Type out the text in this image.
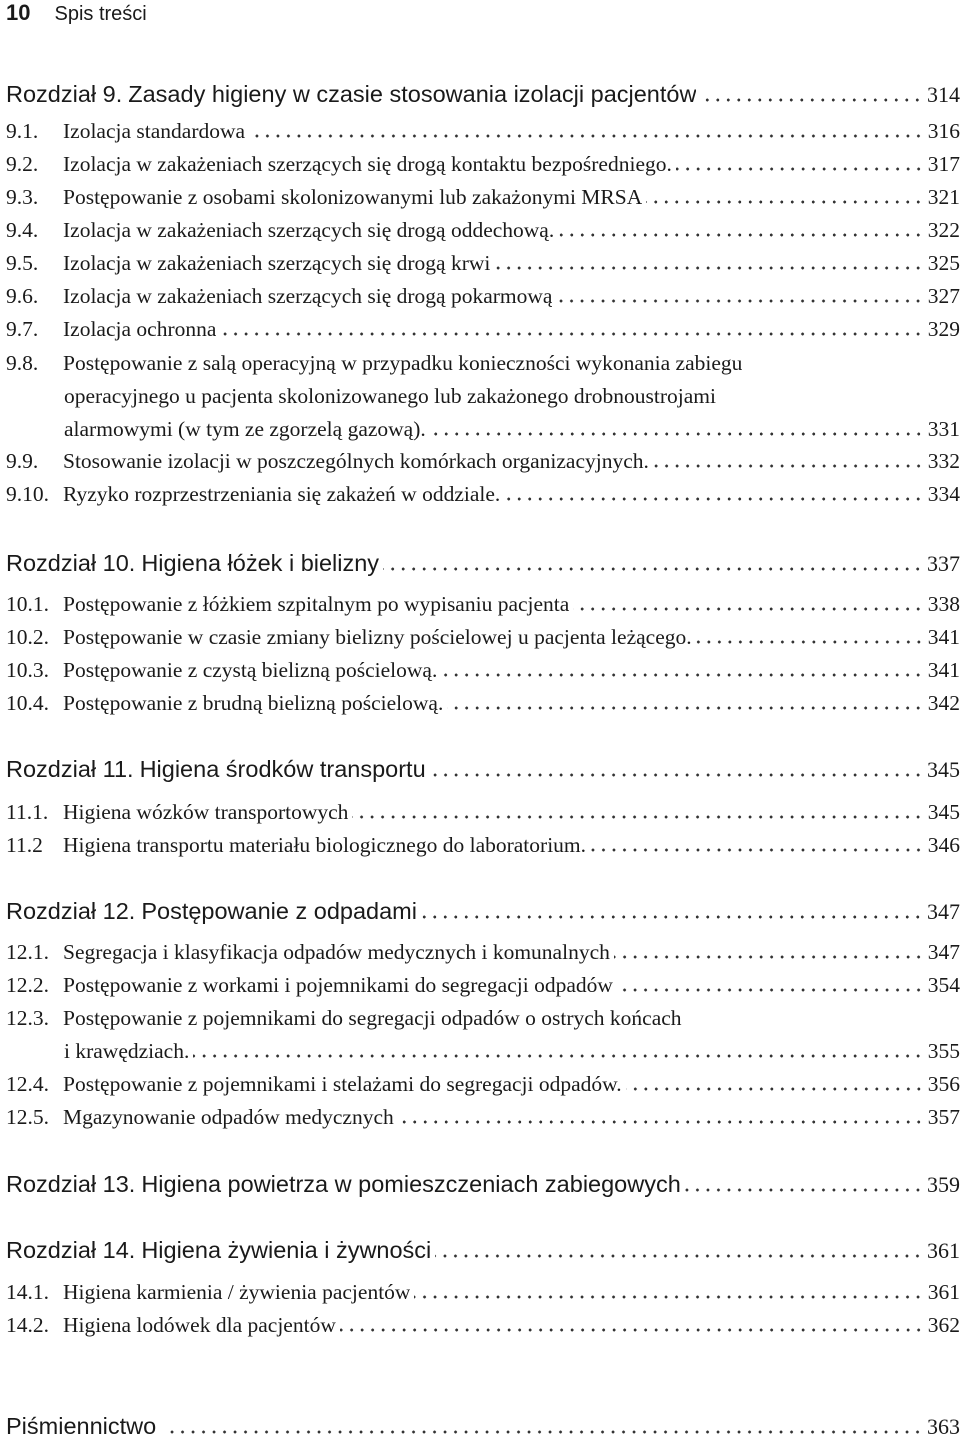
10 Spis treści
Rozdział 9. Zasady higieny w czasie stosowania izolacji pacjentów	314
9.1.	Izolacja standardowa	316
9.2.	Izolacja w zakażeniach szerzących się drogą kontaktu bezpośredniego.	317
9.3.	Postępowanie z osobami skolonizowanymi lub zakażonymi MRSA	321
9.4.	Izolacja w zakażeniach szerzących się drogą oddechową.	322
9.5.	Izolacja w zakażeniach szerzących się drogą krwi	325
9.6.	Izolacja w zakażeniach szerzących się drogą pokarmową	327
9.7.	Izolacja ochronna	329
9.8.	Postępowanie z salą operacyjną w przypadku konieczności wykonania zabiegu
operacyjnego u pacjenta skolonizowanego lub zakażonego drobnoustrojami
alarmowymi (w tym ze zgorzelą gazową).	331
9.9.	Stosowanie izolacji w poszczególnych komórkach organizacyjnych.	332
9.10. Ryzyko rozprzestrzeniania się zakażeń w oddziale.	334
Rozdział 10. Higiena łóżek i bielizny	337
10.1. Postępowanie z łóżkiem szpitalnym po wypisaniu pacjenta	338
10.2. Postępowanie w czasie zmiany bielizny pościelowej u pacjenta leżącego.	341
10.3. Postępowanie z czystą bielizną pościelową.	341
10.4. Postępowanie z brudną bielizną pościelową.	342
Rozdział 11. Higiena środków transportu	345
11.1. Higiena wózków transportowych	345
11.2 Higiena transportu materiału biologicznego do laboratorium.	346
Rozdział 12. Postępowanie z odpadami	347
12.1. Segregacja i klasyfikacja odpadów medycznych i komunalnych	347
12.2. Postępowanie z workami i pojemnikami do segregacji odpadów	354
12.3. Postępowanie z pojemnikami do segregacji odpadów o ostrych końcach
i krawędziach.	355
12.4. Postępowanie z pojemnikami i stelażami do segregacji odpadów.	356
12.5. Mgazynowanie odpadów medycznych	357
Rozdział 13. Higiena powietrza w pomieszczeniach zabiegowych	359
Rozdział 14. Higiena żywienia i żywności	361
14.1. Higiena karmienia / żywienia pacjentów	361
14.2. Higiena lodówek dla pacjentów	362
Piśmiennictwo	363
